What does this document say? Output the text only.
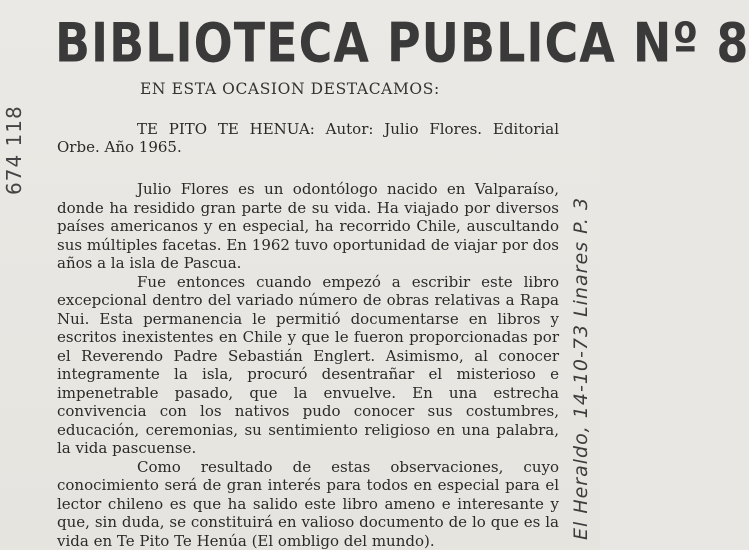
BIBLIOTECA PUBLICA Nº 8
EN ESTA OCASION DESTACAMOS:
TE PITO TE HENUA: Autor: Julio Flores. Editorial Orbe. Año 1965.

Julio Flores es un odontólogo nacido en Valparaíso, donde ha residido gran parte de su vida. Ha viajado por diversos países americanos y en especial, ha recorrido Chile, auscultando sus múltiples facetas. En 1962 tuvo oportunidad de viajar por dos años a la isla de Pascua.

Fue entonces cuando empezó a escribir este libro excepcional dentro del variado número de obras relativas a Rapa Nui. Esta permanencia le permitió documentarse en libros y escritos inexistentes en Chile y que le fueron proporcionadas por el Reverendo Padre Sebastián Englert. Asimismo, al conocer integramente la isla, procuró desentrañar el misterioso e impenetrable pasado, que la envuelve. En una estrecha convivencia con los nativos pudo conocer sus costumbres, educación, ceremonias, su sentimiento religioso en una palabra, la vida pascuense.

Como resultado de estas observaciones, cuyo conocimiento será de gran interés para todos en especial para el lector chileno es que ha salido este libro ameno e interesante y que, sin duda, se constituirá en valioso documento de lo que es la vida en Te Pito Te Henúa (El ombligo del mundo).

674 118
El Heraldo, 14-10-73 Linares P. 3
